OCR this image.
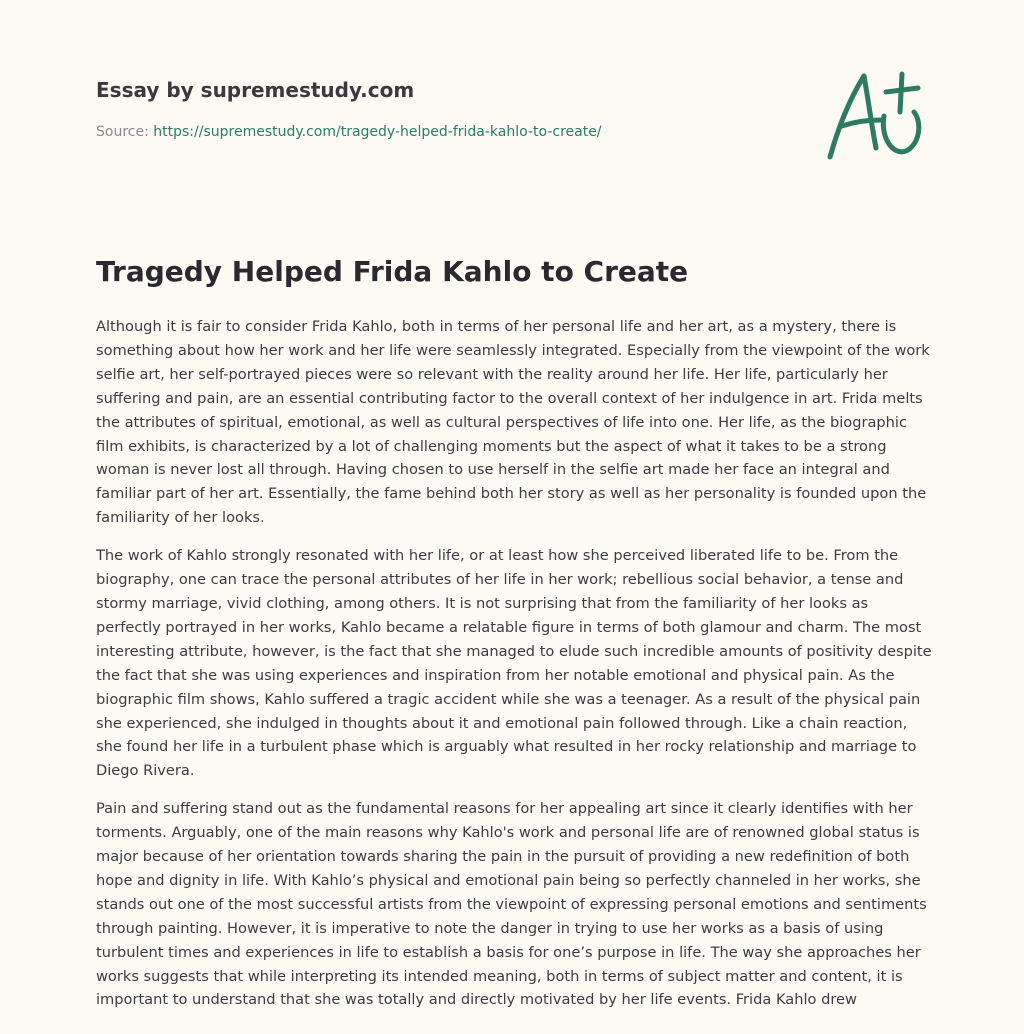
Essay by supremestudy.com
Source: https://supremestudy.com/tragedy-helped-frida-kahlo-to-create/
Tragedy Helped Frida Kahlo to Create

Although it is fair to consider Frida Kahlo, both in terms of her personal life and her art, as a mystery, there is something about how her work and her life were seamlessly integrated. Especially from the viewpoint of the work selfie art, her self-portrayed pieces were so relevant with the reality around her life. Her life, particularly her suffering and pain, are an essential contributing factor to the overall context of her indulgence in art. Frida melts the attributes of spiritual, emotional, as well as cultural perspectives of life into one. Her life, as the biographic film exhibits, is characterized by a lot of challenging moments but the aspect of what it takes to be a strong woman is never lost all through. Having chosen to use herself in the selfie art made her face an integral and familiar part of her art. Essentially, the fame behind both her story as well as her personality is founded upon the familiarity of her looks.

The work of Kahlo strongly resonated with her life, or at least how she perceived liberated life to be. From the biography, one can trace the personal attributes of her life in her work; rebellious social behavior, a tense and stormy marriage, vivid clothing, among others. It is not surprising that from the familiarity of her looks as perfectly portrayed in her works, Kahlo became a relatable figure in terms of both glamour and charm. The most interesting attribute, however, is the fact that she managed to elude such incredible amounts of positivity despite the fact that she was using experiences and inspiration from her notable emotional and physical pain. As the biographic film shows, Kahlo suffered a tragic accident while she was a teenager. As a result of the physical pain she experienced, she indulged in thoughts about it and emotional pain followed through. Like a chain reaction, she found her life in a turbulent phase which is arguably what resulted in her rocky relationship and marriage to Diego Rivera.

Pain and suffering stand out as the fundamental reasons for her appealing art since it clearly identifies with her torments. Arguably, one of the main reasons why Kahlo's work and personal life are of renowned global status is major because of her orientation towards sharing the pain in the pursuit of providing a new redefinition of both hope and dignity in life. With Kahlo’s physical and emotional pain being so perfectly channeled in her works, she stands out one of the most successful artists from the viewpoint of expressing personal emotions and sentiments through painting. However, it is imperative to note the danger in trying to use her works as a basis of using turbulent times and experiences in life to establish a basis for one’s purpose in life. The way she approaches her works suggests that while interpreting its intended meaning, both in terms of subject matter and content, it is important to understand that she was totally and directly motivated by her life events. Frida Kahlo drew
